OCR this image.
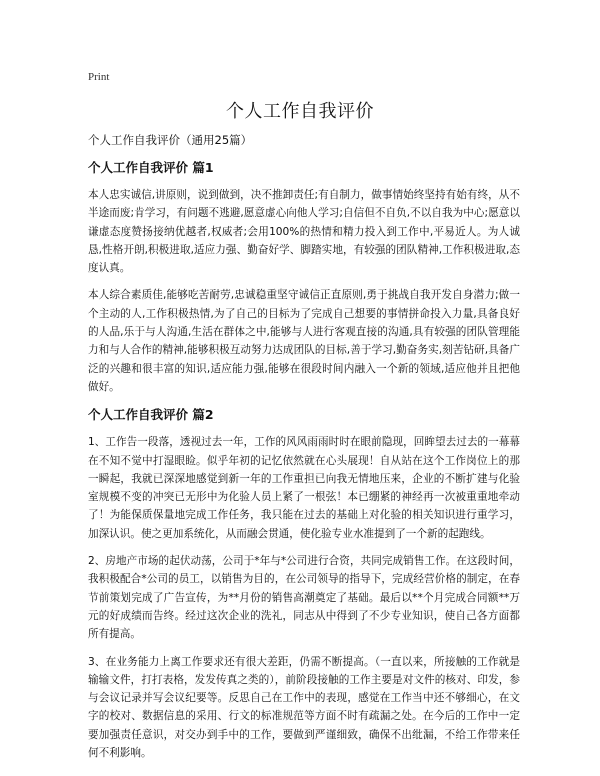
Print
个人工作自我评价
个人工作自我评价（通用25篇）
个人工作自我评价 篇1

本人忠实诚信,讲原则，说到做到，决不推卸责任;有自制力，做事情始终坚持有始有终，从不半途而废;肯学习，有问题不逃避,愿意虚心向他人学习;自信但不自负,不以自我为中心;愿意以谦虚态度赞扬接纳优越者,权威者;会用100%的热情和精力投入到工作中,平易近人。为人诚恳,性格开朗,积极进取,适应力强、勤奋好学、脚踏实地，有较强的团队精神,工作积极进取,态度认真。

本人综合素质佳,能够吃苦耐劳,忠诚稳重坚守诚信正直原则,勇于挑战自我开发自身潜力;做一个主动的人,工作积极热情,为了自己的目标为了完成自己想要的事情拼命投入力量,具备良好的人品,乐于与人沟通,生活在群体之中,能够与人进行客观直接的沟通,具有较强的团队管理能力和与人合作的精神,能够积极互动努力达成团队的目标,善于学习,勤奋务实,刻苦钻研,具备广泛的兴趣和很丰富的知识,适应能力强,能够在很段时间内融入一个新的领域,适应他并且把他做好。

个人工作自我评价 篇2

1、工作告一段落，透视过去一年，工作的风风雨雨时时在眼前隐现，回眸望去过去的一幕幕在不知不觉中打湿眼睑。似乎年初的记忆依然就在心头展现！自从站在这个工作岗位上的那一瞬起，我就已深深地感觉到新一年的工作重担已向我无情地压来，企业的不断扩建与化验室规模不变的冲突已无形中为化验人员上紧了一根弦！本已绷紧的神经再一次被重重地牵动了！为能保质保量地完成工作任务，我只能在过去的基础上对化验的相关知识进行重学习，加深认识。使之更加系统化，从而融会贯通，使化验专业水准提到了一个新的起跑线。

2、房地产市场的起伏动荡，公司于*年与*公司进行合资，共同完成销售工作。在这段时间，我积极配合*公司的员工，以销售为目的，在公司领导的指导下，完成经营价格的制定，在春节前策划完成了广告宣传，为**月份的销售高潮奠定了基础。最后以**个月完成合同额**万元的好成绩而告终。经过这次企业的洗礼，同志从中得到了不少专业知识，使自己各方面都所有提高。

3、在业务能力上离工作要求还有很大差距，仍需不断提高。（一直以来，所接触的工作就是输输文件，打打表格，发发传真之类的），前阶段接触的工作主要是对文件的核对、印发，参与会议记录并写会议纪要等。反思自己在工作中的表现，感觉在工作当中还不够细心，在文字的校对、数据信息的采用、行文的标准规范等方面不时有疏漏之处。在今后的工作中一定要加强责任意识，对交办到手中的工作，要做到严谨细致，确保不出纰漏，不给工作带来任何不利影响。
